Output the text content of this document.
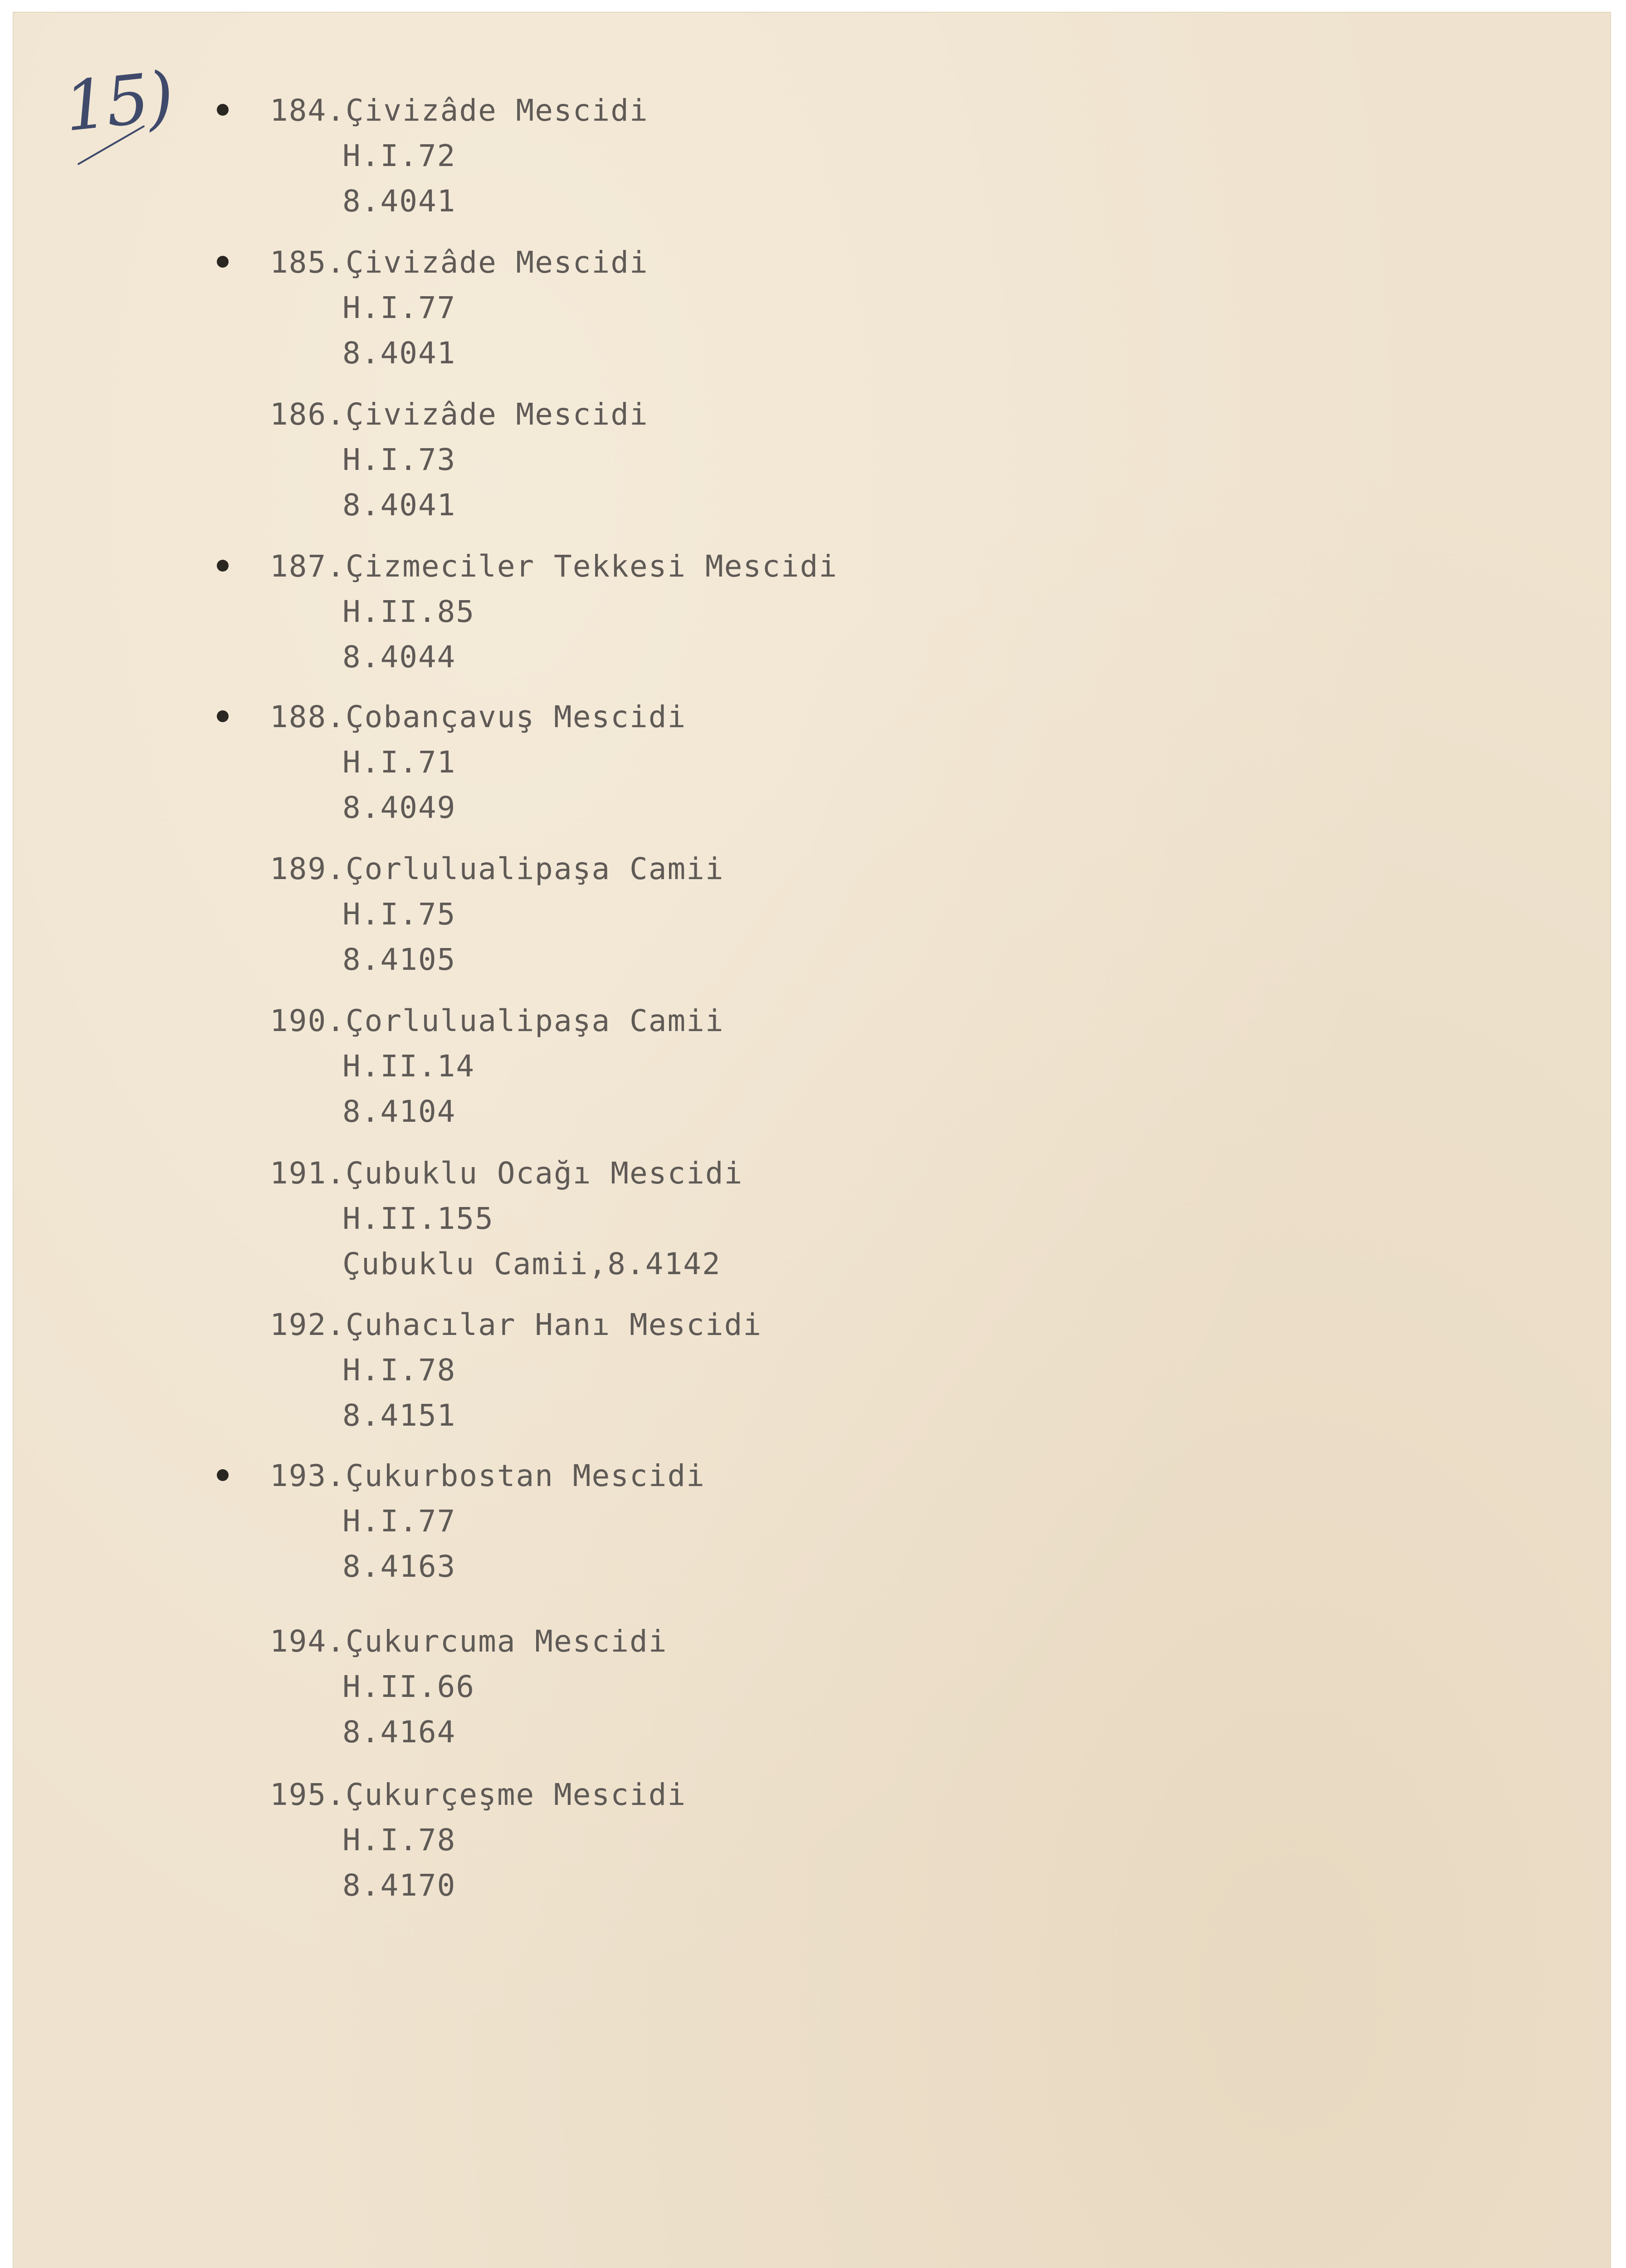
15)	184.Çivizâde Mescidi
H.I.72
8.4041
185.Çivizâde Mescidi
H.I.77
8.4041
186.Çivizâde Mescidi
H.I.73
8.4041
187.Çizmeciler Tekkesi Mescidi
H.II.85
8.4044
188.Çobançavuş Mescidi
H.I.71
8.4049
189.Çorlulualipaşa Camii
H.I.75
8.4105
190.Çorlulualipaşa Camii
H.II.14
8.4104
191.Çubuklu Ocağı Mescidi
H.II.155
Çubuklu Camii,8.4142
192.Çuhacılar Hanı Mescidi
H.I.78
8.4151
193.Çukurbostan Mescidi
H.I.77
8.4163
194.Çukurcuma Mescidi
H.II.66
8.4164
195.Çukurçeşme Mescidi
H.I.78
8.4170
